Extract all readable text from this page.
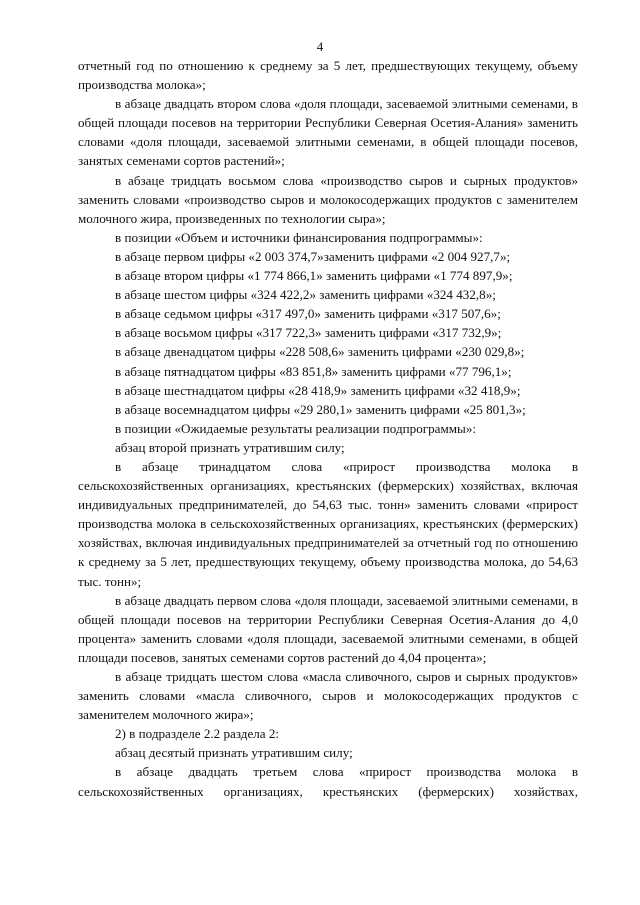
4

отчетный год по отношению к среднему за 5 лет, предшествующих текущему, объему производства молока»;

в абзаце двадцать втором слова «доля площади, засеваемой элитными семенами, в общей площади посевов на территории Республики Северная Осетия-Алания» заменить словами «доля площади, засеваемой элитными семенами, в общей площади посевов, занятых семенами сортов растений»;

в абзаце тридцать восьмом слова «производство сыров и сырных продуктов» заменить словами «производство сыров и молокосодержащих продуктов с заменителем молочного жира, произведенных по технологии сыра»;

в позиции «Объем и источники финансирования подпрограммы»:

в абзаце первом цифры «2 003 374,7»заменить цифрами «2 004 927,7»;

в абзаце втором цифры «1 774 866,1» заменить цифрами «1 774 897,9»;

в абзаце шестом цифры «324 422,2» заменить цифрами «324 432,8»;

в абзаце седьмом цифры «317 497,0» заменить цифрами «317 507,6»;

в абзаце восьмом цифры «317 722,3» заменить цифрами «317 732,9»;

в абзаце двенадцатом цифры «228 508,6» заменить цифрами «230 029,8»;

в абзаце пятнадцатом цифры «83 851,8» заменить цифрами «77 796,1»;

в абзаце шестнадцатом цифры «28 418,9» заменить цифрами «32 418,9»;

в абзаце восемнадцатом цифры «29 280,1» заменить цифрами «25 801,3»;

в позиции «Ожидаемые результаты реализации подпрограммы»:

абзац второй признать утратившим силу;

в абзаце тринадцатом слова «прирост производства молока в сельскохозяйственных организациях, крестьянских (фермерских) хозяйствах, включая индивидуальных предпринимателей, до 54,63 тыс. тонн» заменить словами «прирост производства молока в сельскохозяйственных организациях, крестьянских (фермерских) хозяйствах, включая индивидуальных предпринимателей за отчетный год по отношению к среднему за 5 лет, предшествующих текущему, объему производства молока, до 54,63 тыс. тонн»;

в абзаце двадцать первом слова «доля площади, засеваемой элитными семенами, в общей площади посевов на территории Республики Северная Осетия-Алания до 4,0 процента» заменить словами «доля площади, засеваемой элитными семенами, в общей площади посевов, занятых семенами сортов растений до 4,04 процента»;

в абзаце тридцать шестом слова «масла сливочного, сыров и сырных продуктов» заменить словами «масла сливочного, сыров и молокосодержащих продуктов с заменителем молочного жира»;

2) в подразделе 2.2 раздела 2:

абзац десятый признать утратившим силу;

в абзаце двадцать третьем слова «прирост производства молока в сельскохозяйственных организациях, крестьянских (фермерских) хозяйствах,
